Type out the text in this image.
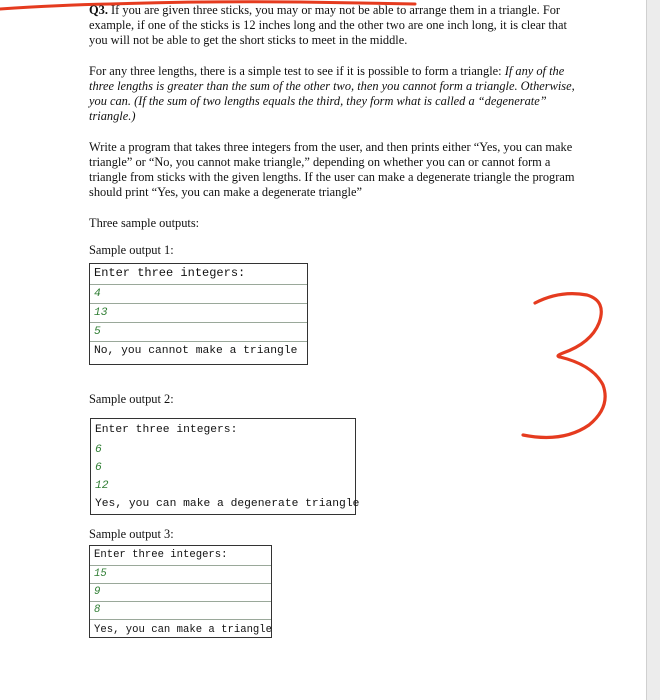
Q3. If you are given three sticks, you may or may not be able to arrange them in a triangle. For example, if one of the sticks is 12 inches long and the other two are one inch long, it is clear that you will not be able to get the short sticks to meet in the middle.

For any three lengths, there is a simple test to see if it is possible to form a triangle: If any of the three lengths is greater than the sum of the other two, then you cannot form a triangle. Otherwise, you can. (If the sum of two lengths equals the third, they form what is called a “degenerate” triangle.)

Write a program that takes three integers from the user, and then prints either “Yes, you can make triangle” or “No, you cannot make triangle,” depending on whether you can or cannot form a triangle from sticks with the given lengths. If the user can make a degenerate triangle the program should print “Yes, you can make a degenerate triangle”

Three sample outputs:

Sample output 1:
Enter three integers:
4
13
5
No, you cannot make a triangle
Sample output 2:
Enter three integers:
6
6
12
Yes, you can make a degenerate triangle
Sample output 3:
Enter three integers:
15
9
8
Yes, you can make a triangle
